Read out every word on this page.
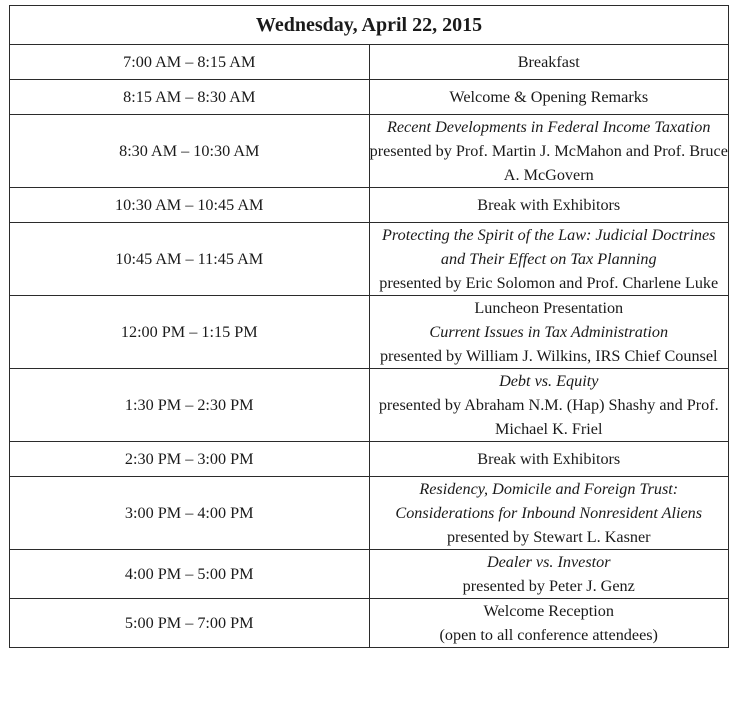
Wednesday, April 22, 2015	
7:00 AM – 8:15 AM	Breakfast

8:15 AM – 8:30 AM	Welcome & Opening Remarks

8:30 AM – 10:30 AM	Recent Developments in Federal Income Taxation
presented by Prof. Martin J. McMahon and Prof. Bruce A. McGovern

10:30 AM – 10:45 AM	Break with Exhibitors

10:45 AM – 11:45 AM	Protecting the Spirit of the Law: Judicial Doctrines and Their Effect on Tax Planning
presented by Eric Solomon and Prof. Charlene Luke

12:00 PM – 1:15 PM	Luncheon Presentation
Current Issues in Tax Administration
presented by William J. Wilkins, IRS Chief Counsel

1:30 PM – 2:30 PM	Debt vs. Equity
presented by Abraham N.M. (Hap) Shashy and Prof. Michael K. Friel

2:30 PM – 3:00 PM	Break with Exhibitors

3:00 PM – 4:00 PM	Residency, Domicile and Foreign Trust: Considerations for Inbound Nonresident Aliens
presented by Stewart L. Kasner

4:00 PM – 5:00 PM	Dealer vs. Investor
presented by Peter J. Genz

5:00 PM – 7:00 PM	Welcome Reception
(open to all conference attendees)
